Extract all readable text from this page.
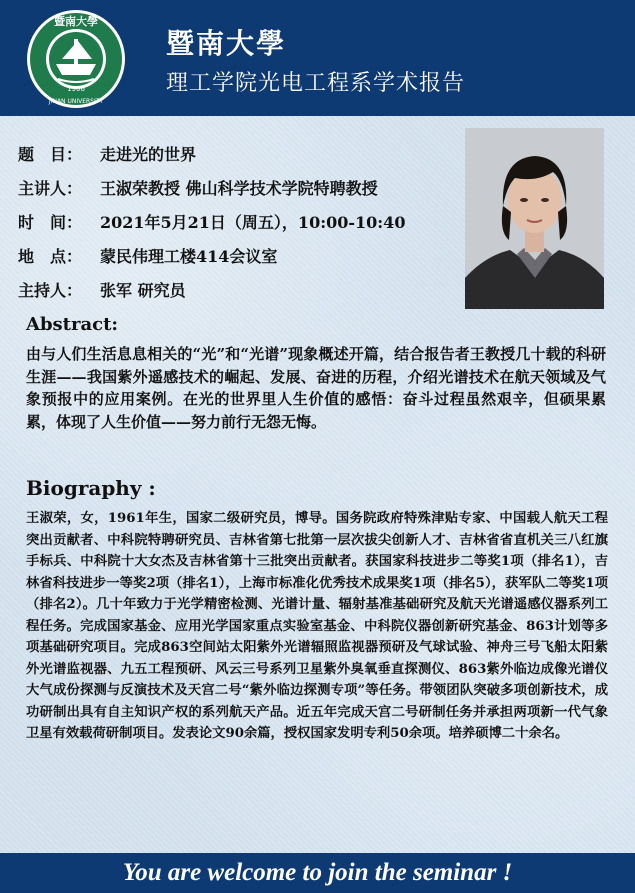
暨南大學
1906
JINAN UNIVERSITY
暨南大學
理工学院光电工程系学术报告
题　目： 走进光的世界
主讲人： 王淑荣教授 佛山科学技术学院特聘教授
时　间： 2021年5月21日（周五），10:00-10:40
地　点： 蒙民伟理工楼414会议室
主持人： 张军 研究员
Abstract:
由与人们生活息息相关的“光”和“光谱”现象概述开篇，结合报告者王教授几十载的科研生涯——我国紫外遥感技术的崛起、发展、奋进的历程，介绍光谱技术在航天领域及气象预报中的应用案例。在光的世界里人生价值的感悟：奋斗过程虽然艰辛，但硕果累累，体现了人生价值——努力前行无怨无悔。
Biography :
王淑荣，女，1961年生，国家二级研究员，博导。国务院政府特殊津贴专家、中国载人航天工程突出贡献者、中科院特聘研究员、吉林省第七批第一层次拔尖创新人才、吉林省省直机关三八红旗手标兵、中科院十大女杰及吉林省第十三批突出贡献者。获国家科技进步二等奖1项（排名1），吉林省科技进步一等奖2项（排名1），上海市标准化优秀技术成果奖1项（排名5），获军队二等奖1项（排名2）。几十年致力于光学精密检测、光谱计量、辐射基准基础研究及航天光谱遥感仪器系列工程任务。完成国家基金、应用光学国家重点实验室基金、中科院仪器创新研究基金、863计划等多项基础研究项目。完成863空间站太阳紫外光谱辐照监视器预研及气球试验、神舟三号飞船太阳紫外光谱监视器、九五工程预研、风云三号系列卫星紫外臭氧垂直探测仪、863紫外临边成像光谱仪大气成份探测与反演技术及天宫二号“紫外临边探测专项”等任务。带领团队突破多项创新技术，成功研制出具有自主知识产权的系列航天产品。近五年完成天宫二号研制任务并承担两项新一代气象卫星有效载荷研制项目。发表论文90余篇，授权国家发明专利50余项。培养硕博二十余名。
You are welcome to join the seminar !
